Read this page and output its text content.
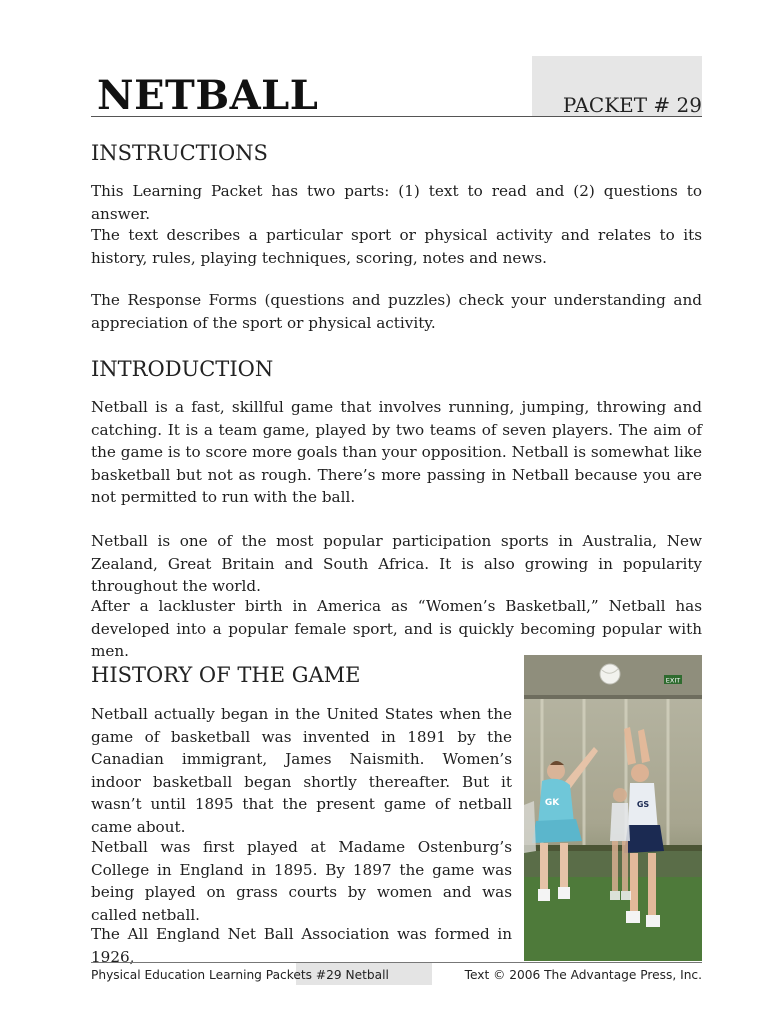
NETBALL	PACKET # 29
INSTRUCTIONS

This Learning Packet has two parts: (1) text to read and (2) questions to answer.

The text describes a particular sport or physical activity and relates to its history, rules, playing techniques, scoring, notes and news.

The Response Forms (questions and puzzles) check your understanding and appreciation of the sport or physical activity.

INTRODUCTION

Netball is a fast, skillful game that involves running, jumping, throwing and catching. It is a team game, played by two teams of seven players. The aim of the game is to score more goals than your opposition. Netball is somewhat like basketball but not as rough. There’s more passing in Netball because you are not permitted to run with the ball.

Netball is one of the most popular participation sports in Australia, New Zealand, Great Britain and South Africa. It is also growing in popularity throughout the world.

After a lackluster birth in America as “Women’s Basketball,” Netball has developed into a popular female sport, and is quickly becoming popular with men.

HISTORY OF THE GAME

Netball actually began in the United States when the game of basketball was invented in 1891 by the Canadian immigrant, James Naismith. Women’s indoor basketball began shortly thereafter. But it wasn’t until 1895 that the present game of netball came about.

Netball was first played at Madame Ostenburg’s College in England in 1895. By 1897 the game was being played on grass courts by women and was called netball.

The All England Net Ball Association was formed in 1926,

EXIT
GK	GS
Physical Education Learning Packets #29 Netball	Text © 2006 The Advantage Press, Inc.
